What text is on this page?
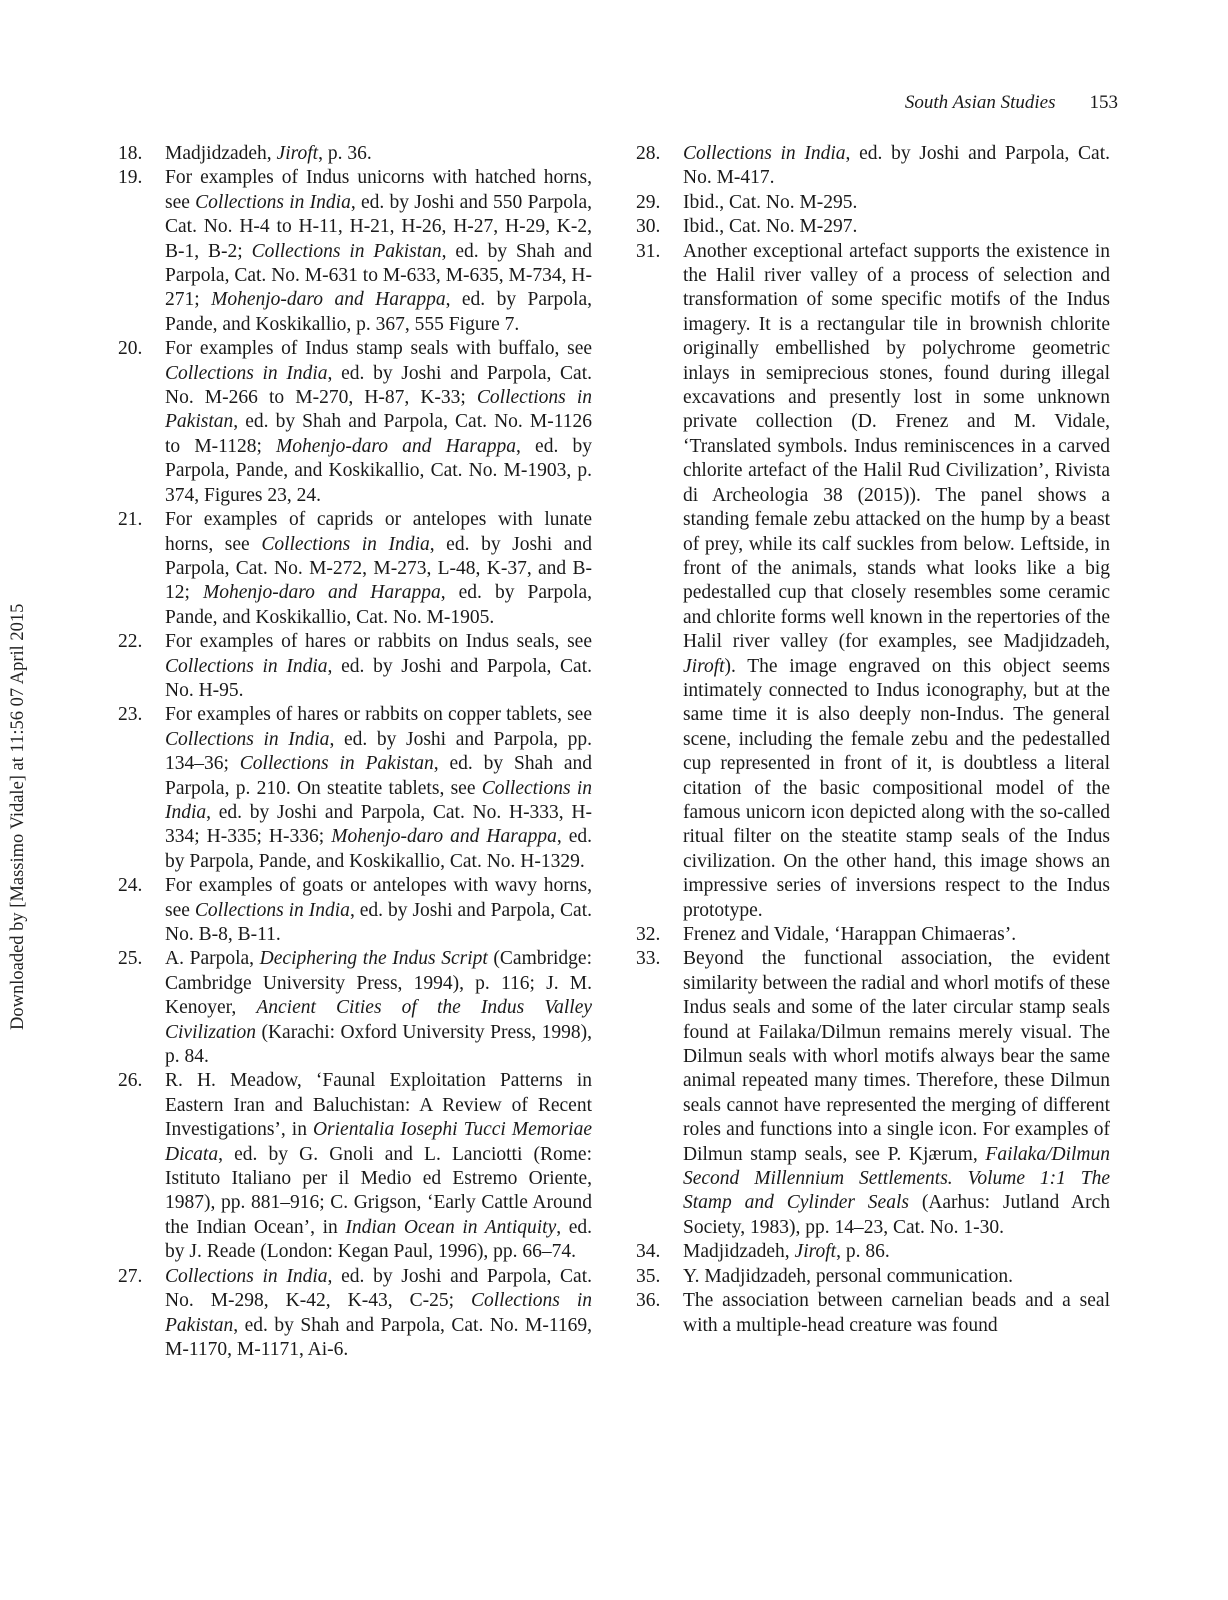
South Asian Studies 153
Downloaded by [Massimo Vidale] at 11:56 07 April 2015
18.	Madjidzadeh, Jiroft, p. 36.
19.	For examples of Indus unicorns with hatched horns, see Collections in India, ed. by Joshi and 550 Parpola, Cat. No. H-4 to H-11, H-21, H-26, H-27, H-29, K-2, B-1, B-2; Collections in Pakistan, ed. by Shah and Parpola, Cat. No. M-631 to M-633, M-635, M-734, H-271; Mohenjo-daro and Harappa, ed. by Parpola, Pande, and Koskikallio, p. 367, 555 Figure 7.
20.	For examples of Indus stamp seals with buffalo, see Collections in India, ed. by Joshi and Parpola, Cat. No. M-266 to M-270, H-87, K-33; Collections in Pakistan, ed. by Shah and Parpola, Cat. No. M-1126 to M-1128; Mohenjo-daro and Harappa, ed. by Parpola, Pande, and Koskikallio, Cat. No. M-1903, p. 374, Figures 23, 24.
21.	For examples of caprids or antelopes with lunate horns, see Collections in India, ed. by Joshi and Parpola, Cat. No. M-272, M-273, L-48, K-37, and B-12; Mohenjo-daro and Harappa, ed. by Parpola, Pande, and Koskikallio, Cat. No. M-1905.
22.	For examples of hares or rabbits on Indus seals, see Collections in India, ed. by Joshi and Parpola, Cat. No. H-95.
23.	For examples of hares or rabbits on copper tablets, see Collections in India, ed. by Joshi and Parpola, pp. 134–36; Collections in Pakistan, ed. by Shah and Parpola, p. 210. On steatite tablets, see Collections in India, ed. by Joshi and Parpola, Cat. No. H-333, H-334; H-335; H-336; Mohenjo-daro and Harappa, ed. by Parpola, Pande, and Koskikallio, Cat. No. H-1329.
24.	For examples of goats or antelopes with wavy horns, see Collections in India, ed. by Joshi and Parpola, Cat. No. B-8, B-11.
25.	A. Parpola, Deciphering the Indus Script (Cambridge: Cambridge University Press, 1994), p. 116; J. M. Kenoyer, Ancient Cities of the Indus Valley Civilization (Karachi: Oxford University Press, 1998), p. 84.
26.	R. H. Meadow, ‘Faunal Exploitation Patterns in Eastern Iran and Baluchistan: A Review of Recent Investigations’, in Orientalia Iosephi Tucci Memoriae Dicata, ed. by G. Gnoli and L. Lanciotti (Rome: Istituto Italiano per il Medio ed Estremo Oriente, 1987), pp. 881–916; C. Grigson, ‘Early Cattle Around the Indian Ocean’, in Indian Ocean in Antiquity, ed. by J. Reade (London: Kegan Paul, 1996), pp. 66–74.
27.	Collections in India, ed. by Joshi and Parpola, Cat. No. M-298, K-42, K-43, C-25; Collections in Pakistan, ed. by Shah and Parpola, Cat. No. M-1169, M-1170, M-1171, Ai-6.
28.	Collections in India, ed. by Joshi and Parpola, Cat. No. M-417.
29.	Ibid., Cat. No. M-295.
30.	Ibid., Cat. No. M-297.
31.	Another exceptional artefact supports the existence in the Halil river valley of a process of selection and transformation of some specific motifs of the Indus imagery. It is a rectangular tile in brownish chlorite originally embellished by polychrome geometric inlays in semiprecious stones, found during illegal excavations and presently lost in some unknown private collection (D. Frenez and M. Vidale, ‘Translated symbols. Indus reminiscences in a carved chlorite artefact of the Halil Rud Civilization’, Rivista di Archeologia 38 (2015)). The panel shows a standing female zebu attacked on the hump by a beast of prey, while its calf suckles from below. Leftside, in front of the animals, stands what looks like a big pedestalled cup that closely resembles some ceramic and chlorite forms well known in the repertories of the Halil river valley (for examples, see Madjidzadeh, Jiroft). The image engraved on this object seems intimately connected to Indus iconography, but at the same time it is also deeply non-Indus. The general scene, including the female zebu and the pedestalled cup represented in front of it, is doubtless a literal citation of the basic compositional model of the famous unicorn icon depicted along with the so-called ritual filter on the steatite stamp seals of the Indus civilization. On the other hand, this image shows an impressive series of inversions respect to the Indus prototype.
32.	Frenez and Vidale, ‘Harappan Chimaeras’.
33.	Beyond the functional association, the evident similarity between the radial and whorl motifs of these Indus seals and some of the later circular stamp seals found at Failaka/Dilmun remains merely visual. The Dilmun seals with whorl motifs always bear the same animal repeated many times. Therefore, these Dilmun seals cannot have represented the merging of different roles and functions into a single icon. For examples of Dilmun stamp seals, see P. Kjærum, Failaka/Dilmun Second Millennium Settlements. Volume 1:1 The Stamp and Cylinder Seals (Aarhus: Jutland Arch Society, 1983), pp. 14–23, Cat. No. 1-30.
34.	Madjidzadeh, Jiroft, p. 86.
35.	Y. Madjidzadeh, personal communication.
36.	The association between carnelian beads and a seal with a multiple-head creature was found
